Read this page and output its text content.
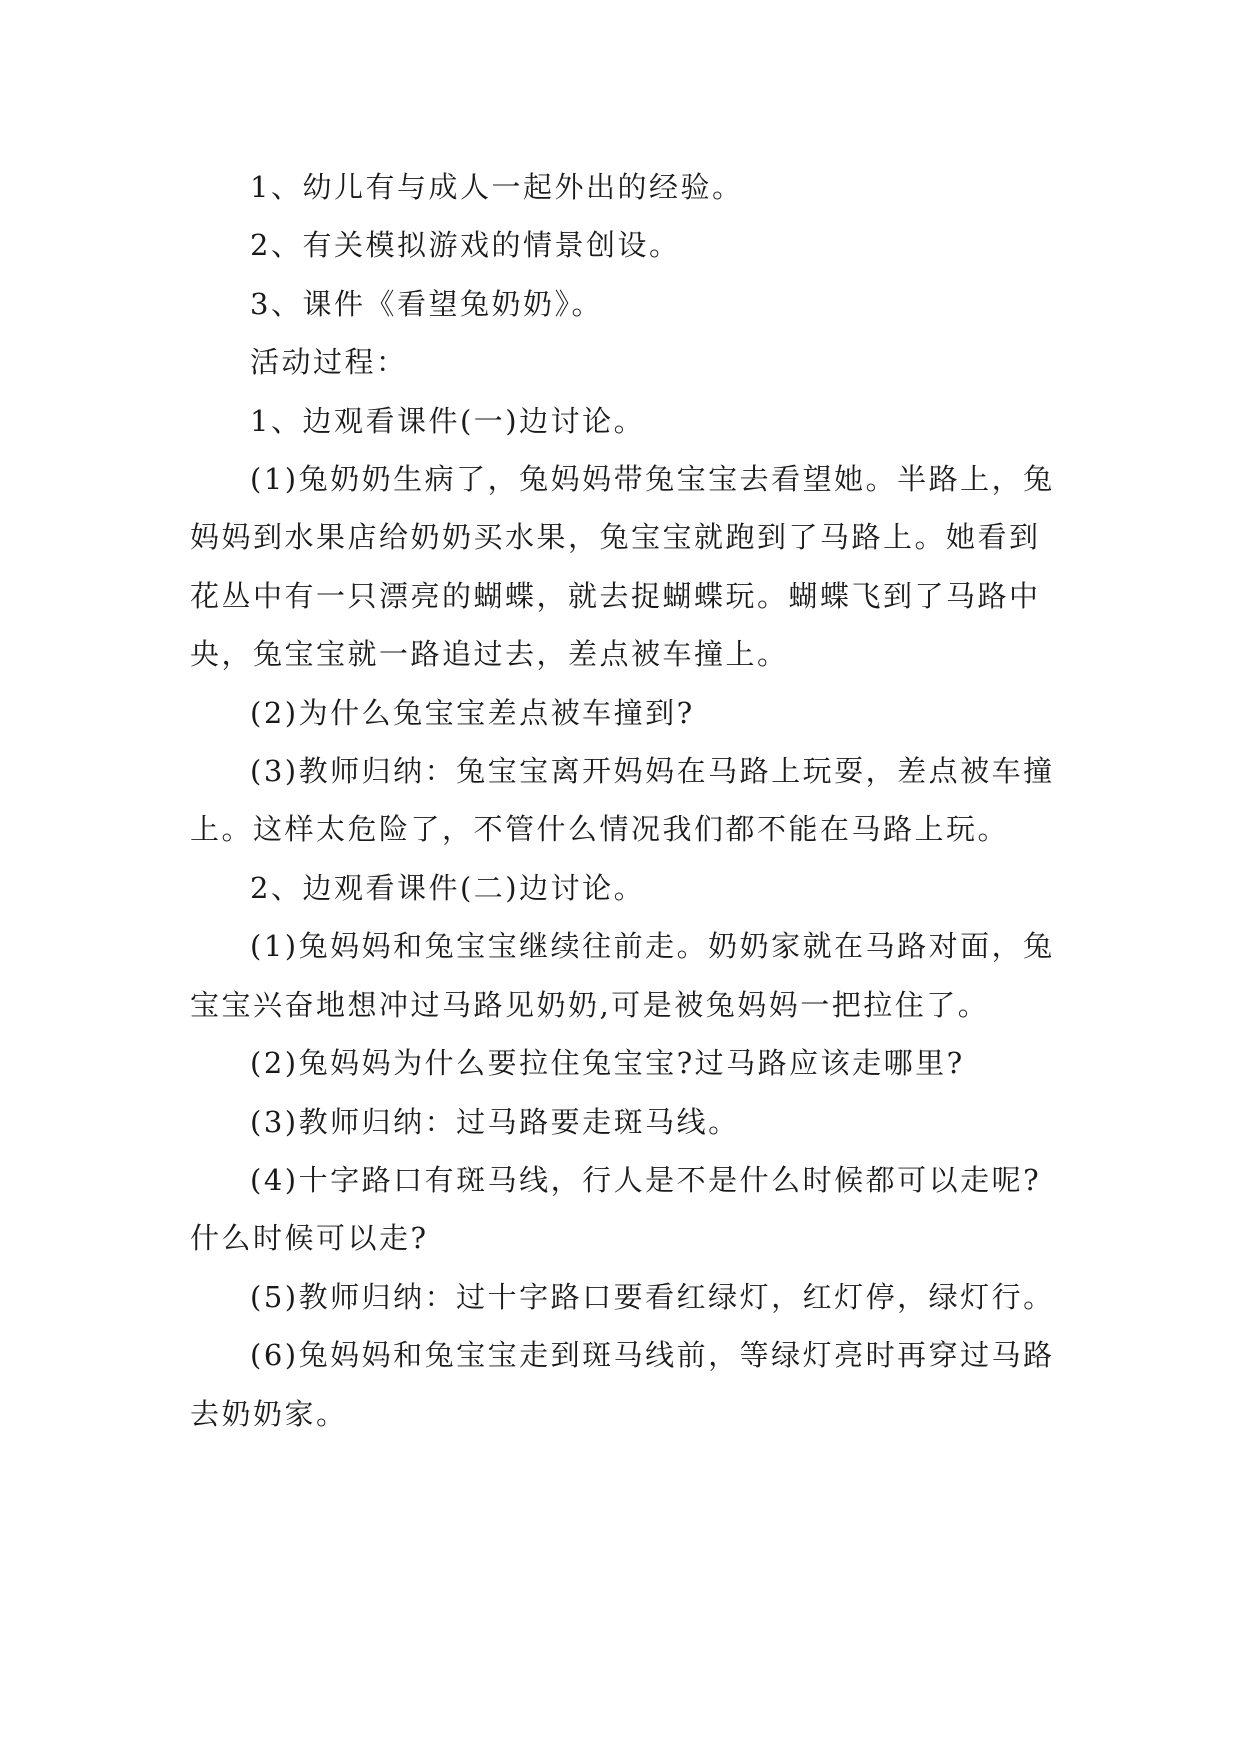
1、幼儿有与成人一起外出的经验。

2、有关模拟游戏的情景创设。

3、课件《看望兔奶奶》。

活动过程：

1、边观看课件(一)边讨论。

(1)兔奶奶生病了，兔妈妈带兔宝宝去看望她。半路上，兔妈妈到水果店给奶奶买水果，兔宝宝就跑到了马路上。她看到花丛中有一只漂亮的蝴蝶，就去捉蝴蝶玩。蝴蝶飞到了马路中央，兔宝宝就一路追过去，差点被车撞上。

(2)为什么兔宝宝差点被车撞到?

(3)教师归纳：兔宝宝离开妈妈在马路上玩耍，差点被车撞上。这样太危险了，不管什么情况我们都不能在马路上玩。

2、边观看课件(二)边讨论。

(1)兔妈妈和兔宝宝继续往前走。奶奶家就在马路对面，兔宝宝兴奋地想冲过马路见奶奶,可是被兔妈妈一把拉住了。

(2)兔妈妈为什么要拉住兔宝宝?过马路应该走哪里?

(3)教师归纳：过马路要走斑马线。

(4)十字路口有斑马线，行人是不是什么时候都可以走呢?什么时候可以走?

(5)教师归纳：过十字路口要看红绿灯，红灯停，绿灯行。

(6)兔妈妈和兔宝宝走到斑马线前，等绿灯亮时再穿过马路去奶奶家。
